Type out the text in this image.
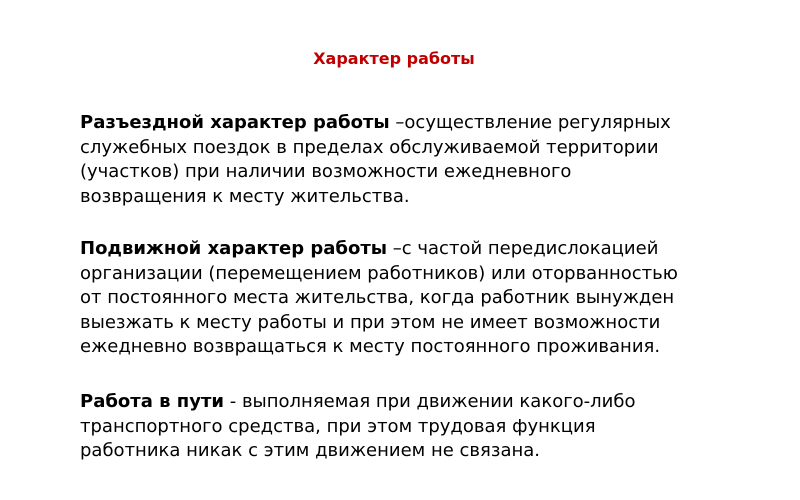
Характер работы
Разъездной характер работы –осуществление регулярных
служебных поездок в пределах обслуживаемой территории
(участков) при наличии возможности ежедневного
возвращения к месту жительства.
Подвижной характер работы –с частой передислокацией
организации (перемещением работников) или оторванностью
от постоянного места жительства, когда работник вынужден
выезжать к месту работы и при этом не имеет возможности
ежедневно возвращаться к месту постоянного проживания.
Работа в пути - выполняемая при движении какого-либо
транспортного средства, при этом трудовая функция
работника никак с этим движением не связана.
